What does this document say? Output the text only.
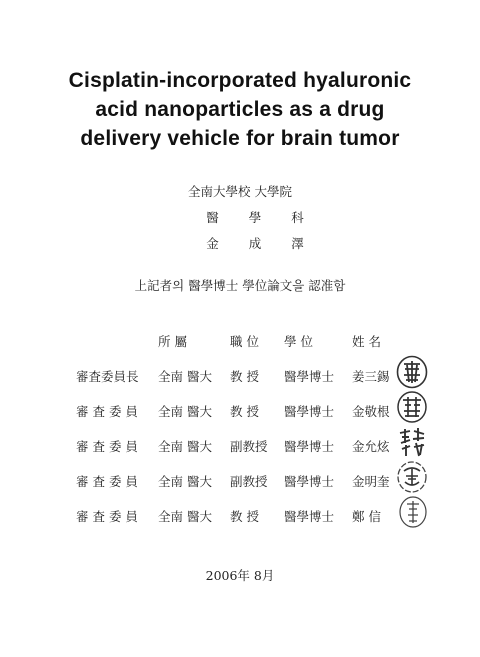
Cisplatin-incorporated hyaluronic
acid nanoparticles as a drug
delivery vehicle for brain tumor
全南大學校 大學院
醫學科
金成澤
上記者의 醫學博士 學位論文을 認准함
所 屬	職 位 學 位	姓 名
審査委員長 全南 醫大 教 授 醫學博士 姜三錫
審 査 委 員 全南 醫大 教 授 醫學博士 金敬根
審 査 委 員 全南 醫大 副教授 醫學博士 金允炫
審 査 委 員 全南 醫大 副教授 醫學博士 金明奎
審 査 委 員 全南 醫大 教 授 醫學博士 鄭 信
2006年 8月
